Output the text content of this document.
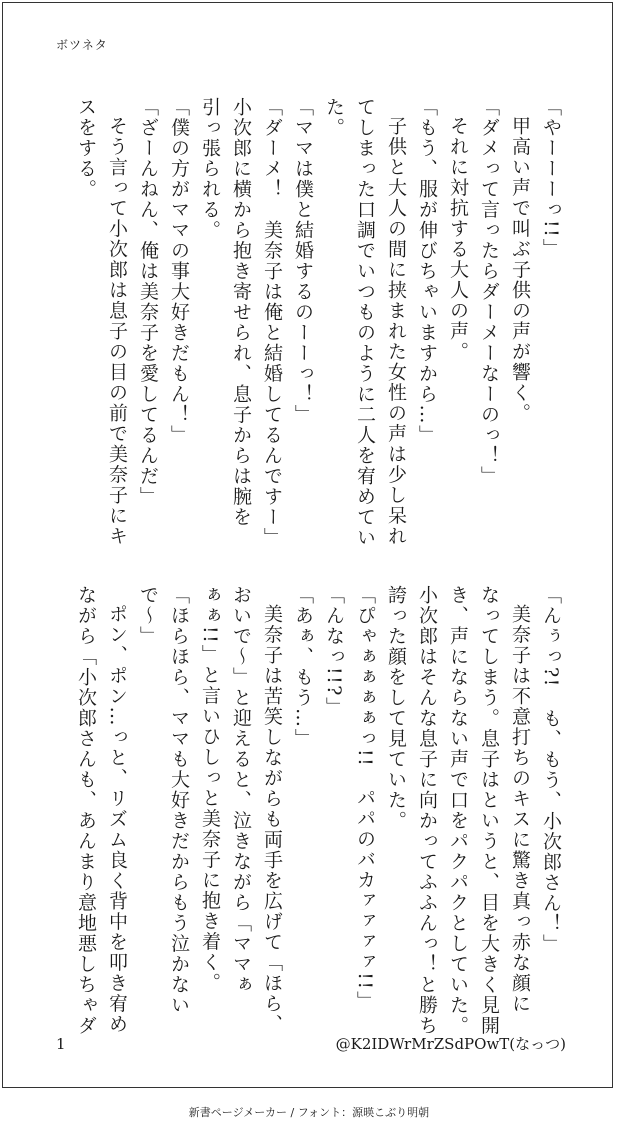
ボツネタ
「やーーーっ!!」
甲高い声で叫ぶ子供の声が響く。
「ダメって言ったらダーメーなーのっ！」
それに対抗する大人の声。
「もう、服が伸びちゃいますから…」
子供と大人の間に挟まれた女性の声は少し呆れ
てしまった口調でいつものように二人を宥めてい
た。
「ママは僕と結婚するのーーっ！」
「ダーメ！　美奈子は俺と結婚してるんですー」
小次郎に横から抱き寄せられ、息子からは腕を
引っ張られる。
「僕の方がママの事大好きだもん！」
「ざーんねん、俺は美奈子を愛してるんだ」
そう言って小次郎は息子の目の前で美奈子にキ
スをする。
「んぅっ?!　も、もう、小次郎さん！」
美奈子は不意打ちのキスに驚き真っ赤な顔に
なってしまう。息子はというと、目を大きく見開
き、声にならない声で口をパクパクとしていた。
小次郎はそんな息子に向かってふふんっ！と勝ち
誇った顔をして見ていた。
「ぴゃぁぁぁぁっ!!　パパのバカァァァァ!!」
「んなっ!!?」
「あぁ、もう…」
美奈子は苦笑しながらも両手を広げて「ほら、
おいで～」と迎えると、泣きながら「ママぁ
ぁぁ!!」と言いひしっと美奈子に抱き着く。
「ほらほら、ママも大好きだからもう泣かない
で～」
ポン、ポン…っと、リズム良く背中を叩き宥め
ながら「小次郎さんも、あんまり意地悪しちゃダ
1	@K2IDWrMrZSdPOwT(なっつ)
新書ページメーカー / フォント：源暎こぶり明朝
